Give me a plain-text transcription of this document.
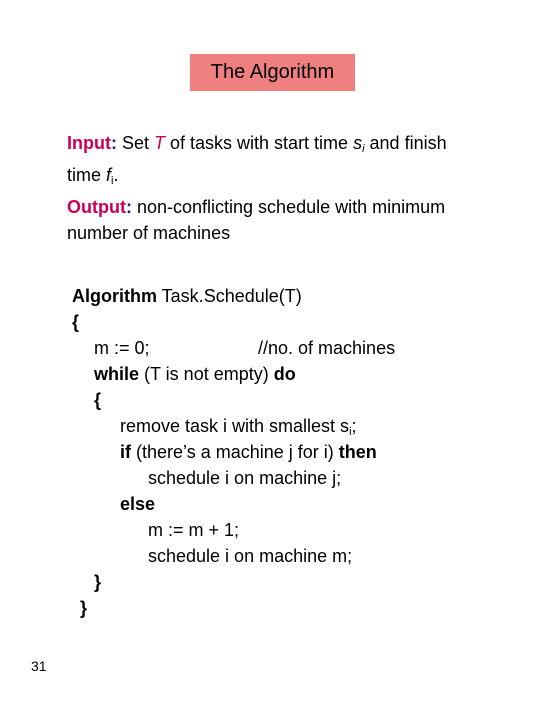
The Algorithm
Input: Set T of tasks with start time $s_i$ and finish
time $f_i$.
Output: non-conflicting schedule with minimum
number of machines
Algorithm Task.Schedule(T)
{
m := 0;	//no. of machines
while (T is not empty) do
{
remove task i with smallest $s_i$;
if (there’s a machine j for i) then
schedule i on machine j;
else
m := m + 1;
schedule i on machine m;
}
}
31
